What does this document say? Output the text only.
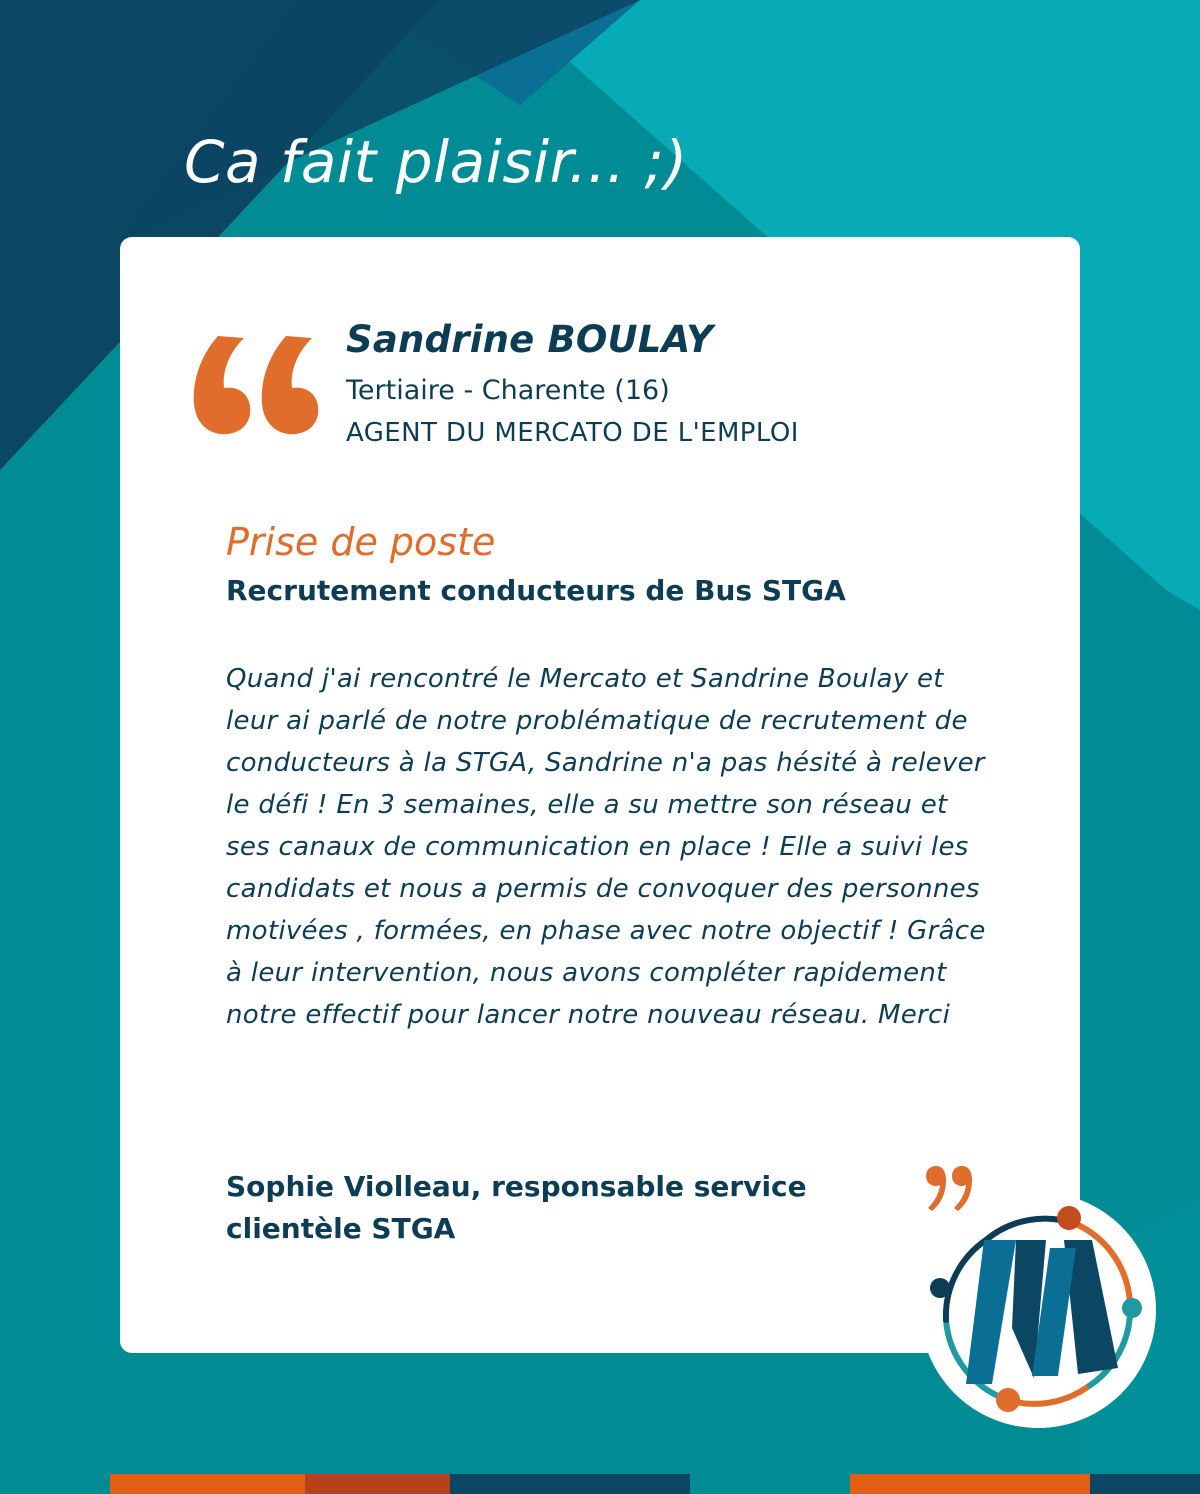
Ca fait plaisir... ;)
Sandrine BOULAY
Tertiaire - Charente (16)
AGENT DU MERCATO DE L'EMPLOI
Prise de poste
Recrutement conducteurs de Bus STGA

Quand j'ai rencontré le Mercato et Sandrine Boulay et leur ai parlé de notre problématique de recrutement de conducteurs à la STGA, Sandrine n'a pas hésité à relever le défi ! En 3 semaines, elle a su mettre son réseau et ses canaux de communication en place ! Elle a suivi les candidats et nous a permis de convoquer des personnes motivées , formées, en phase avec notre objectif ! Grâce à leur intervention, nous avons compléter rapidement notre effectif pour lancer notre nouveau réseau. Merci

Sophie Violleau, responsable service clientèle STGA
